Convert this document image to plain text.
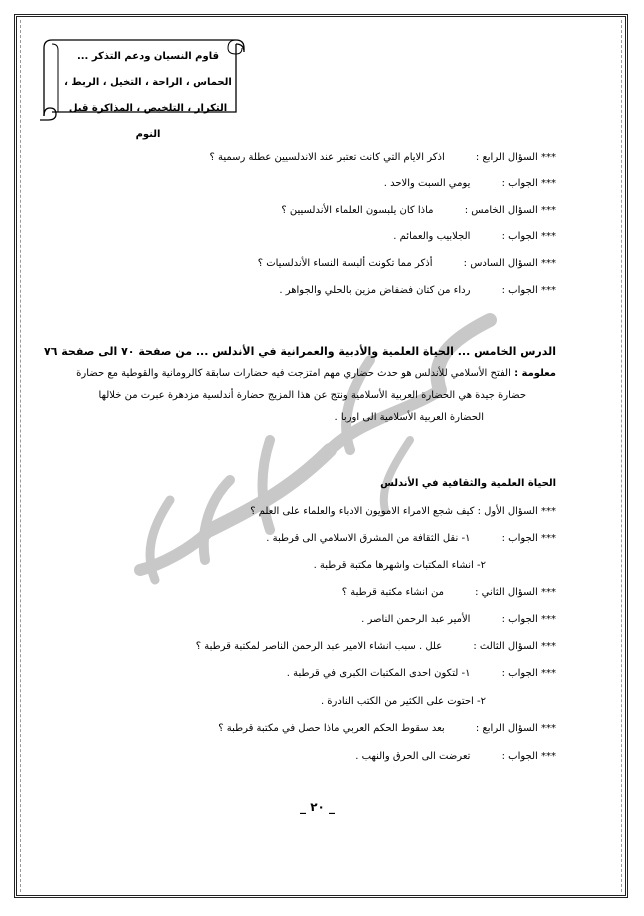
قاوم النسيان ودعم التذكر ...
الحماس ، الراحة ، التخيل ، الربط ،
التكرار ، التلخيص ، المذاكرة قبل النوم
*** السؤال الرابع : اذكر الايام التي كانت تعتبر عند الاندلسيين عطلة رسمية ؟
*** الجواب : يومي السبت والاحد .
*** السؤال الخامس : ماذا كان يلبسون العلماء الأندلسيين ؟
*** الجواب : الجلابيب والعمائم .
*** السؤال السادس : أذكر مما تكونت ألبسة النساء الأندلسيات ؟
*** الجواب : رداء من كتان فضفاض مزين بالحلي والجواهر .
الدرس الخامس ... الحياة العلمية والأدبية والعمرانية في الأندلس ... من صفحة ٧٠ الى صفحة ٧٦
معلومة : الفتح الأسلامي للأندلس هو حدث حضاري مهم امتزجت فيه حضارات سابقة كالرومانية والقوطية مع حضارة
حضارة جيدة هي الحضارة العربية الأسلامية ونتج عن هذا المزيج حضارة أندلسية مزدهرة عبرت من خلالها
الحضارة العربية الأسلامية الى اوربا .
الحياة العلمية والثقافية في الأندلس
*** السؤال الأول : كيف شجع الامراء الامويون الادباء والعلماء على العلم ؟
*** الجواب : ١- نقل الثقافة من المشرق الاسلامي الى قرطبة .
٢- انشاء المكتبات واشهرها مكتبة قرطبة .
*** السؤال الثاني : من انشاء مكتبة قرطبة ؟
*** الجواب : الأمير عبد الرحمن الناصر .
*** السؤال الثالث : علل . سبب انشاء الامير عبد الرحمن الناصر لمكتبة قرطبة ؟
*** الجواب : ١- لتكون احدى المكتبات الكبرى في قرطبة .
٢- احتوت على الكثير من الكتب النادرة .
*** السؤال الرابع : بعد سقوط الحكم العربي ماذا حصل في مكتبة قرطبة ؟
*** الجواب : تعرضت الى الحرق والنهب .
_ ٢٠ _
